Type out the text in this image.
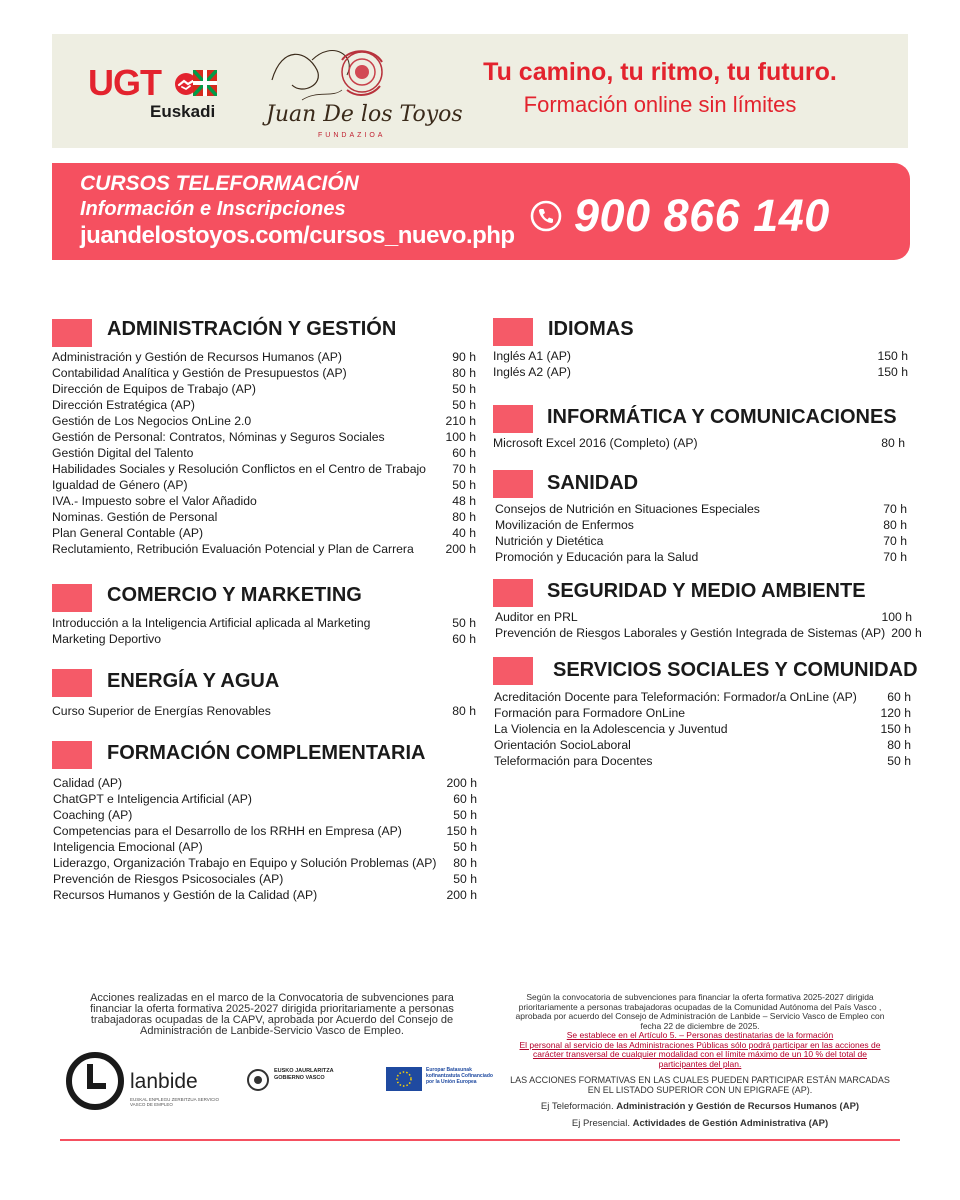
UGT
Euskadi Juan De los Toyos
FUNDAZIOA
Tu camino, tu ritmo, tu futuro.
Formación online sin límites
CURSOS TELEFORMACIÓN
Información e Inscripciones
juandelostoyos.com/cursos_nuevo.php 900 866 140
ADMINISTRACIÓN Y GESTIÓN
Administración y Gestión de Recursos Humanos (AP)	90 h
Contabilidad Analítica y Gestión de Presupuestos (AP)	80 h
Dirección de Equipos de Trabajo (AP)	50 h
Dirección Estratégica (AP)	50 h
Gestión de Los Negocios OnLine 2.0	210 h
Gestión de Personal: Contratos, Nóminas y Seguros Sociales	100 h
Gestión Digital del Talento	60 h
Habilidades Sociales y Resolución Conflictos en el Centro de Trabajo	70 h
Igualdad de Género (AP)	50 h
IVA.- Impuesto sobre el Valor Añadido	48 h
Nominas. Gestión de Personal	80 h
Plan General Contable (AP)	40 h
Reclutamiento, Retribución Evaluación Potencial y Plan de Carrera	200 h
COMERCIO Y MARKETING
Introducción a la Inteligencia Artificial aplicada al Marketing	50 h
Marketing Deportivo	60 h
ENERGÍA Y AGUA
Curso Superior de Energías Renovables	80 h
FORMACIÓN COMPLEMENTARIA
Calidad (AP)	200 h
ChatGPT e Inteligencia Artificial (AP)	60 h
Coaching (AP)	50 h
Competencias para el Desarrollo de los RRHH en Empresa (AP)	150 h
Inteligencia Emocional (AP)	50 h
Liderazgo, Organización Trabajo en Equipo y Solución Problemas (AP)	80 h
Prevención de Riesgos Psicosociales (AP)	50 h
Recursos Humanos y Gestión de la Calidad (AP)	200 h
IDIOMAS
Inglés A1 (AP)	150 h
Inglés A2 (AP)	150 h
INFORMÁTICA Y COMUNICACIONES
Microsoft Excel 2016 (Completo) (AP)	80 h
SANIDAD
Consejos de Nutrición en Situaciones Especiales	70 h
Movilización de Enfermos	80 h
Nutrición y Dietética	70 h
Promoción y Educación para la Salud	70 h
SEGURIDAD Y MEDIO AMBIENTE
Auditor en PRL	100 h
Prevención de Riesgos Laborales y Gestión Integrada de Sistemas (AP) 200 h
SERVICIOS SOCIALES Y COMUNIDAD
Acreditación Docente para Teleformación: Formador/a OnLine (AP)	60 h
Formación para Formadore OnLine	120 h
La Violencia en la Adolescencia y Juventud	150 h
Orientación SocioLaboral	80 h
Teleformación para Docentes	50 h
Acciones realizadas en el marco de la Convocatoria de subvenciones para financiar la oferta formativa 2025-2027 dirigida prioritariamente a personas trabajadoras ocupadas de la CAPV, aprobada por Acuerdo del Consejo de Administración de Lanbide-Servicio Vasco de Empleo.

Según la convocatoria de subvenciones para financiar la oferta formativa 2025-2027 dirigida prioritariamente a personas trabajadoras ocupadas de la Comunidad Autónoma del País Vasco , aprobada por acuerdo del Consejo de Administración de Lanbide – Servicio Vasco de Empleo con fecha 22 de diciembre de 2025.

Se establece en el Artículo 5. – Personas destinatarias de la formación

El personal al servicio de las Administraciones Públicas sólo podrá participar en las acciones de carácter transversal de cualquier modalidad con el límite máximo de un 10 % del total de participantes del plan.

LAS ACCIONES FORMATIVAS EN LAS CUALES PUEDEN PARTICIPAR ESTÁN MARCADAS EN EL LISTADO SUPERIOR CON UN EPIGRAFE (AP).

Ej Teleformación. Administración y Gestión de Recursos Humanos (AP)

Ej Presencial. Actividades de Gestión Administrativa (AP)

lanbide
EUSKAL ENPLEGU ZERBITZUA SERVICIO VASCO DE EMPLEO
EUSKO JAURLARITZA GOBIERNO VASCO
Europar Batasunak kofinantzatuta Cofinanciado por la Unión Europea
